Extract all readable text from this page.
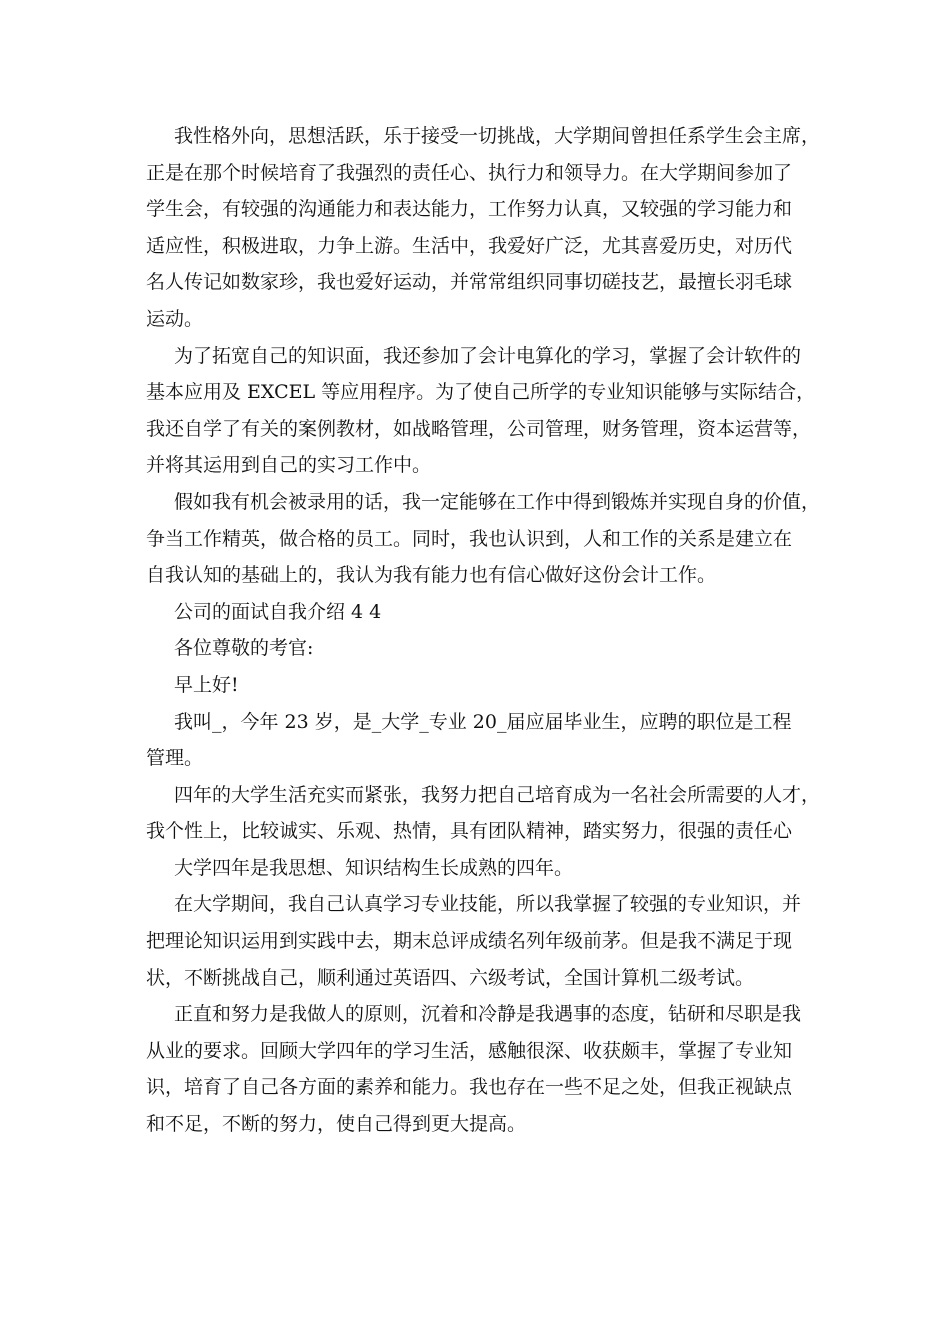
我性格外向，思想活跃，乐于接受一切挑战，大学期间曾担任系学生会主席，
正是在那个时候培育了我强烈的责任心、执行力和领导力。在大学期间参加了
学生会，有较强的沟通能力和表达能力，工作努力认真，又较强的学习能力和
适应性，积极进取，力争上游。生活中，我爱好广泛，尤其喜爱历史，对历代
名人传记如数家珍，我也爱好运动，并常常组织同事切磋技艺，最擅长羽毛球
运动。
为了拓宽自己的知识面，我还参加了会计电算化的学习，掌握了会计软件的
基本应用及 EXCEL 等应用程序。为了使自己所学的专业知识能够与实际结合，
我还自学了有关的案例教材，如战略管理，公司管理，财务管理，资本运营等，
并将其运用到自己的实习工作中。
假如我有机会被录用的话，我一定能够在工作中得到锻炼并实现自身的价值，
争当工作精英，做合格的员工。同时，我也认识到，人和工作的关系是建立在
自我认知的基础上的，我认为我有能力也有信心做好这份会计工作。
公司的面试自我介绍 4 4
各位尊敬的考官:
早上好!
我叫_，今年 23 岁，是_大学_专业 20_届应届毕业生，应聘的职位是工程
管理。
四年的大学生活充实而紧张，我努力把自己培育成为一名社会所需要的人才，
我个性上，比较诚实、乐观、热情，具有团队精神，踏实努力，很强的责任心
大学四年是我思想、知识结构生长成熟的四年。
在大学期间，我自己认真学习专业技能，所以我掌握了较强的专业知识，并
把理论知识运用到实践中去，期末总评成绩名列年级前茅。但是我不满足于现
状，不断挑战自己，顺利通过英语四、六级考试，全国计算机二级考试。
正直和努力是我做人的原则，沉着和冷静是我遇事的态度，钻研和尽职是我
从业的要求。回顾大学四年的学习生活，感触很深、收获颇丰，掌握了专业知
识，培育了自己各方面的素养和能力。我也存在一些不足之处，但我正视缺点
和不足，不断的努力，使自己得到更大提高。
